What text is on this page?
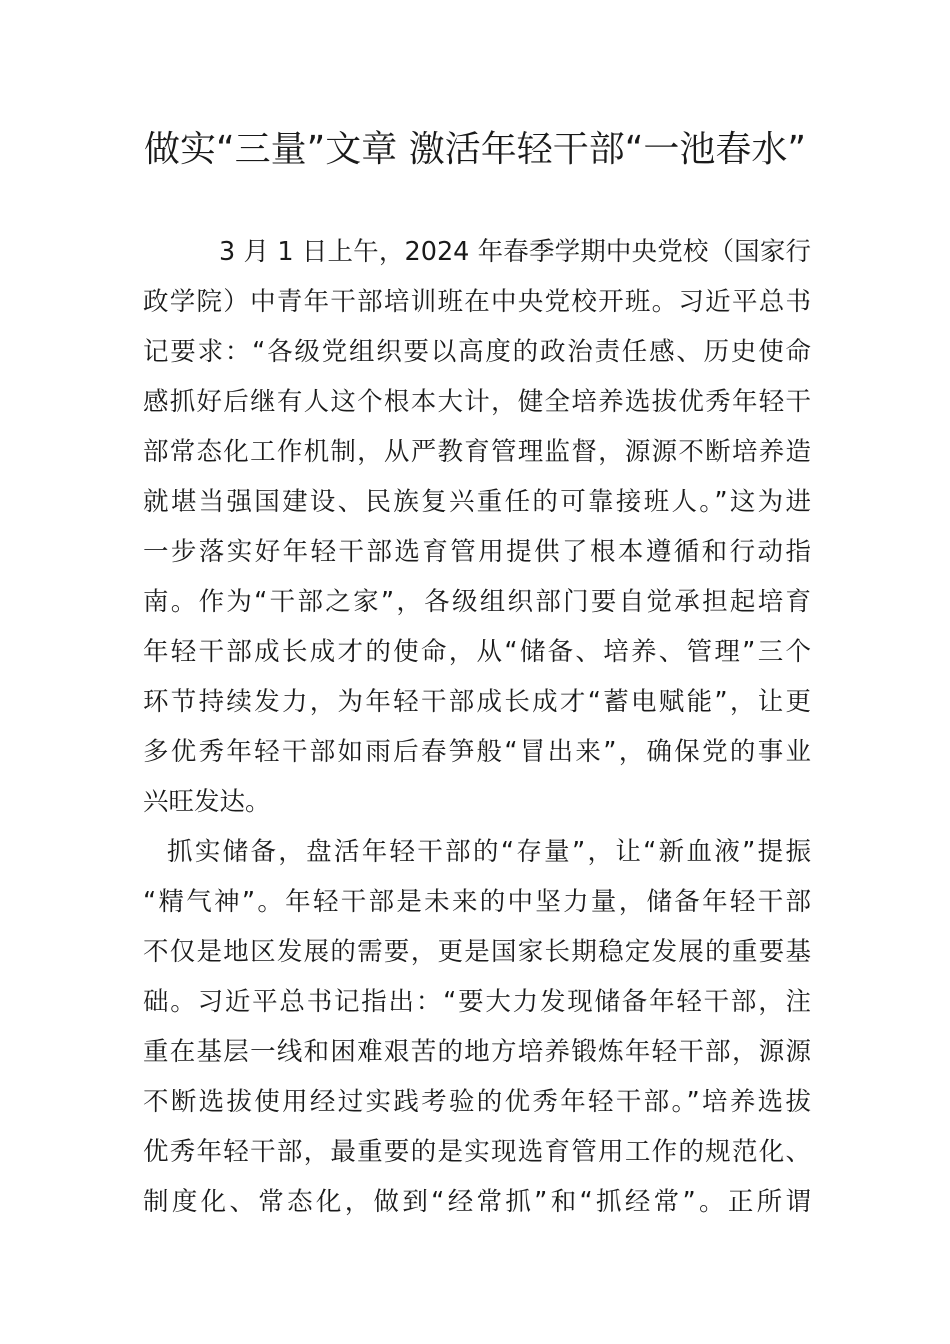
做实“三量”文章 激活年轻干部“一池春水”
3 月 1 日上午，2024 年春季学期中央党校（国家行
政学院）中青年干部培训班在中央党校开班。习近平总书
记要求：“各级党组织要以高度的政治责任感、历史使命
感抓好后继有人这个根本大计，健全培养选拔优秀年轻干
部常态化工作机制，从严教育管理监督，源源不断培养造
就堪当强国建设、民族复兴重任的可靠接班人。”这为进
一步落实好年轻干部选育管用提供了根本遵循和行动指
南。作为“干部之家”，各级组织部门要自觉承担起培育
年轻干部成长成才的使命，从“储备、培养、管理”三个
环节持续发力，为年轻干部成长成才“蓄电赋能”，让更
多优秀年轻干部如雨后春笋般“冒出来”，确保党的事业
兴旺发达。
抓实储备，盘活年轻干部的“存量”，让“新血液”提振
“精气神”。年轻干部是未来的中坚力量，储备年轻干部
不仅是地区发展的需要，更是国家长期稳定发展的重要基
础。习近平总书记指出：“要大力发现储备年轻干部，注
重在基层一线和困难艰苦的地方培养锻炼年轻干部，源源
不断选拔使用经过实践考验的优秀年轻干部。”培养选拔
优秀年轻干部，最重要的是实现选育管用工作的规范化、
制度化、常态化，做到“经常抓”和“抓经常”。正所谓
